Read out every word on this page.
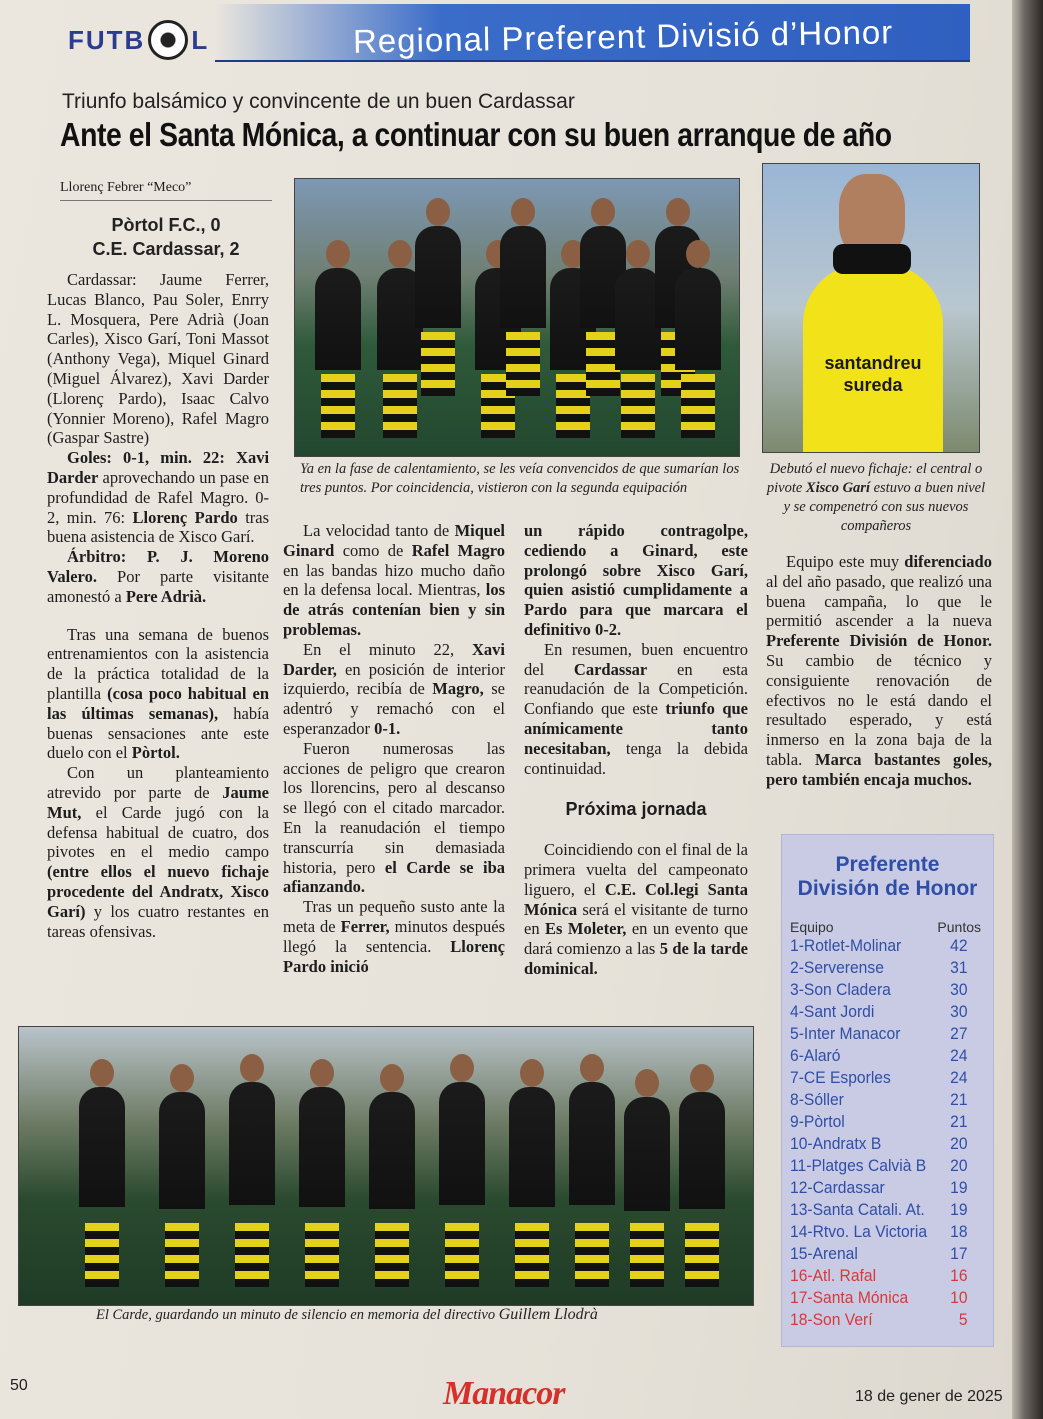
FUTB L	Regional Preferent Divisió d’Honor
Triunfo balsámico y convincente de un buen Cardassar
Ante el Santa Mónica, a continuar con su buen arranque de año
Llorenç Febrer “Meco”
Pòrtol F.C., 0
C.E. Cardassar, 2

Cardassar: Jaume Ferrer, Lucas Blanco, Pau Soler, Enrry L. Mosquera, Pere Adrià (Joan Carles), Xisco Garí, Toni Massot (Anthony Vega), Miquel Ginard (Miguel Álvarez), Xavi Darder (Llorenç Pardo), Isaac Calvo (Yonnier Moreno), Rafel Magro (Gaspar Sastre)

Goles: 0-1, min. 22: Xavi Darder aprovechando un pase en profundidad de Rafel Magro. 0-2, min. 76: Llorenç Pardo tras buena asistencia de Xisco Garí.

Árbitro: P. J. Moreno Valero. Por parte visitante amonestó a Pere Adrià.

Tras una semana de buenos entrenamientos con la asistencia de la práctica totalidad de la plantilla (cosa poco habitual en las últimas semanas), había buenas sensaciones ante este duelo con el Pòrtol.

Con un planteamiento atrevido por parte de Jaume Mut, el Carde jugó con la defensa habitual de cuatro, dos pivotes en el medio campo (entre ellos el nuevo fichaje procedente del Andratx, Xisco Garí) y los cuatro restantes en tareas ofensivas.

Ya en la fase de calentamiento, se les veía convencidos de que sumarían los tres puntos. Por coincidencia, vistieron con la segunda equipación
santandreu
sureda
Debutó el nuevo fichaje: el central o pivote Xisco Garí estuvo a buen nivel y se compenetró con sus nuevos compañeros

La velocidad tanto de Miquel Ginard como de Rafel Magro en las bandas hizo mucho daño en la defensa local. Mientras, los de atrás contenían bien y sin problemas.

En el minuto 22, Xavi Darder, en posición de interior izquierdo, recibía de Magro, se adentró y remachó con el esperanzador 0-1.

Fueron numerosas las acciones de peligro que crearon los llorencins, pero al descanso se llegó con el citado marcador. En la reanudación el tiempo transcurría sin demasiada historia, pero el Carde se iba afianzando.

Tras un pequeño susto ante la meta de Ferrer, minutos después llegó la sentencia. Llorenç Pardo inició

un rápido contragolpe, cediendo a Ginard, este prolongó sobre Xisco Garí, quien asistió cumplidamente a Pardo para que marcara el definitivo 0-2.

En resumen, buen encuentro del Cardassar en esta reanudación de la Competición. Confiando que este triunfo que anímicamente tanto necesitaban, tenga la debida continuidad.

Próxima jornada

Coincidiendo con el final de la primera vuelta del campeonato liguero, el C.E. Col.legi Santa Mónica será el visitante de turno en Es Moleter, en un evento que dará comienzo a las 5 de la tarde dominical.

Equipo este muy diferenciado al del año pasado, que realizó una buena campaña, lo que le permitió ascender a la nueva Preferente División de Honor. Su cambio de técnico y consiguiente renovación de efectivos no le está dando el resultado esperado, y está inmerso en la zona baja de la tabla. Marca bastantes goles, pero también encaja muchos.

El Carde, guardando un minuto de silencio en memoria del directivo Guillem Llodrà
Preferente
División de Honor
Equipo	Puntos
1-Rotlet-Molinar	42
2-Serverense	31
3-Son Cladera	30
4-Sant Jordi	30
5-Inter Manacor	27
6-Alaró	24
7-CE Esporles	24
8-Sóller	21
9-Pòrtol	21
10-Andratx B	20
11-Platges Calvià B	20
12-Cardassar	19
13-Santa Catali. At.	19
14-Rtvo. La Victoria	18
15-Arenal	17
16-Atl. Rafal	16
17-Santa Mónica	10
18-Son Verí	5
50	Manacor	18 de gener de 2025
